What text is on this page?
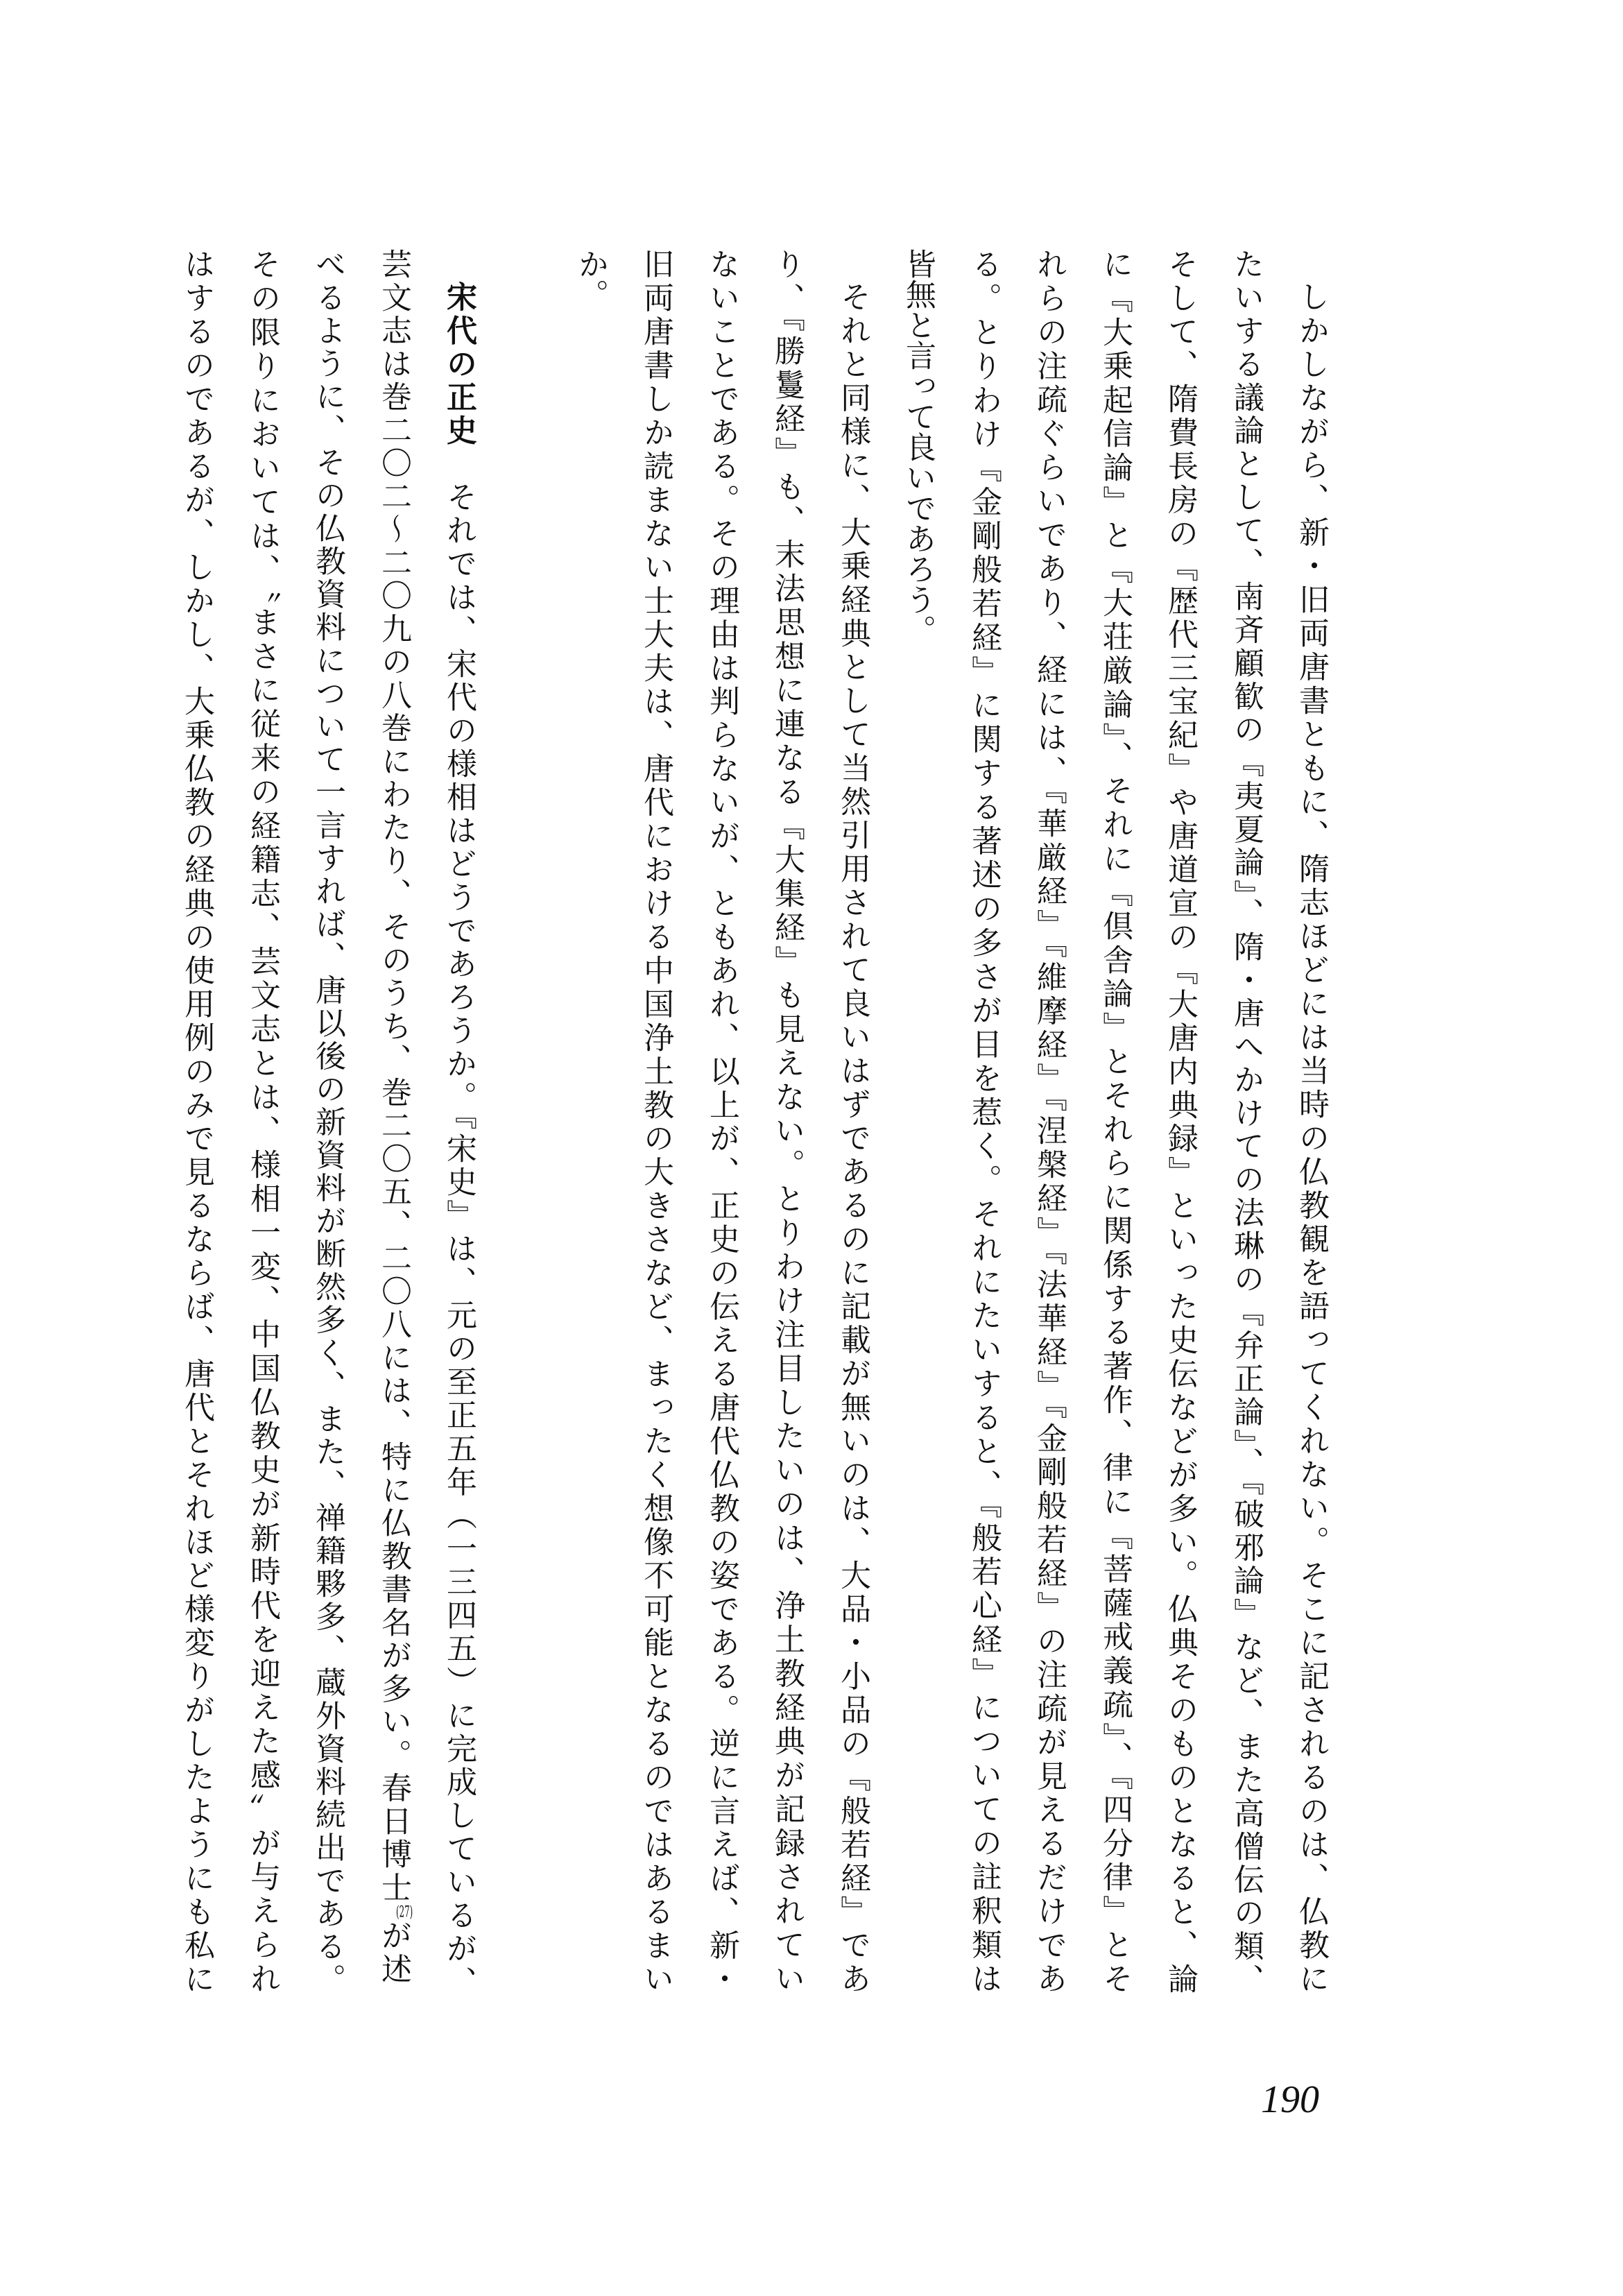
しかしながら、新・旧両唐書ともに、隋志ほどには当時の仏教観を語ってくれない。そこに記されるのは、仏教に
たいする議論として、南斉顧歓の『夷夏論』、隋・唐へかけての法琳の『弁正論』、『破邪論』など、また高僧伝の類、
そして、隋費長房の『歴代三宝紀』や唐道宣の『大唐内典録』といった史伝などが多い。仏典そのものとなると、論
に『大乗起信論』と『大荘厳論』、それに『倶舎論』とそれらに関係する著作、律に『菩薩戒義疏』、『四分律』とそ
れらの注疏ぐらいであり、経には、『華厳経』『維摩経』『涅槃経』『法華経』『金剛般若経』の注疏が見えるだけであ
る。とりわけ『金剛般若経』に関する著述の多さが目を惹く。それにたいすると、『般若心経』についての註釈類は
皆無と言って良いであろう。
それと同様に、大乗経典として当然引用されて良いはずであるのに記載が無いのは、大品・小品の『般若経』であ
り、『勝鬘経』も、末法思想に連なる『大集経』も見えない。とりわけ注目したいのは、浄土教経典が記録されてい
ないことである。その理由は判らないが、ともあれ、以上が、正史の伝える唐代仏教の姿である。逆に言えば、新・
旧両唐書しか読まない士大夫は、唐代における中国浄土教の大きさなど、まったく想像不可能となるのではあるまい
か。
宋代の正史　それでは、宋代の様相はどうであろうか。『宋史』は、元の至正五年（一三四五）に完成しているが、
芸文志は巻二〇二〜二〇九の八巻にわたり、そのうち、巻二〇五、二〇八には、特に仏教書名が多い。春日博士$^{(27)}$が述
べるように、その仏教資料について一言すれば、唐以後の新資料が断然多く、また、禅籍夥多、蔵外資料続出である。
その限りにおいては、〝まさに従来の経籍志、芸文志とは、様相一変、中国仏教史が新時代を迎えた感〟が与えられ
はするのであるが、しかし、大乗仏教の経典の使用例のみで見るならば、唐代とそれほど様変りがしたようにも私に
190
